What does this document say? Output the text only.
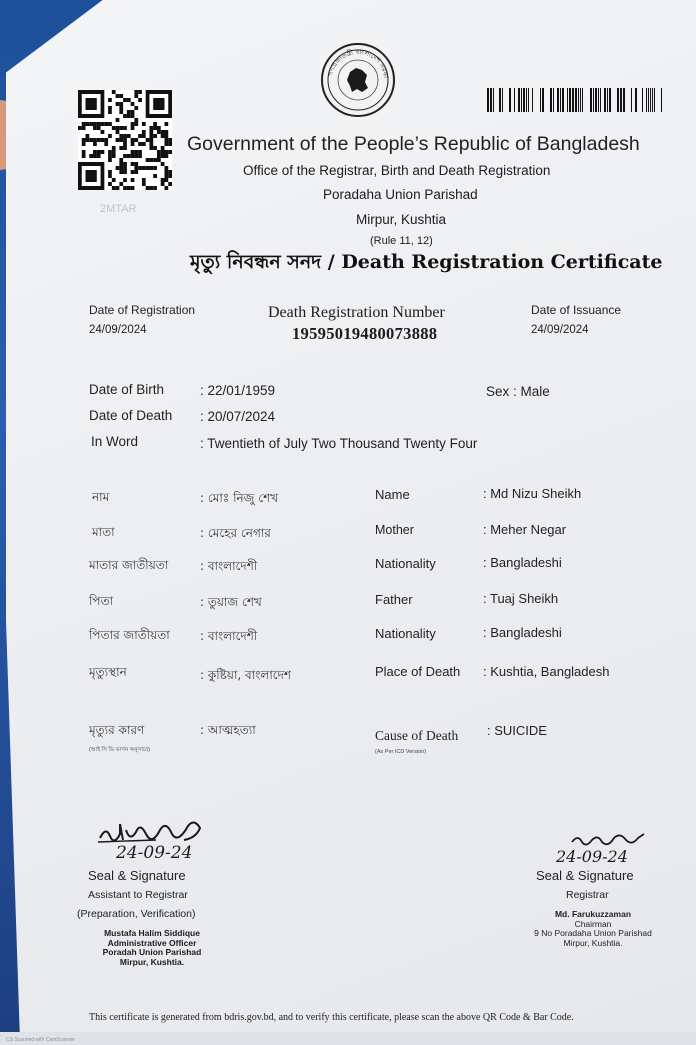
2MTAR
গণপ্রজাতন্ত্রী বাংলাদেশ সরকা
Government of the People’s Republic of Bangladesh
Office of the Registrar, Birth and Death Registration
Poradaha Union Parishad
Mirpur, Kushtia
(Rule 11, 12)
মৃত্যু নিবন্ধন সনদ / Death Registration Certificate
Date of Registration
24/09/2024
Death Registration Number
19595019480073888
Date of Issuance
24/09/2024
Date of Birth	: 22/01/1959	Sex : Male
Date of Death : 20/07/2024
In Word	: Twentieth of July Two Thousand Twenty Four
নাম	: মোঃ নিজু শেখ	Name	: Md Nizu Sheikh
মাতা	: মেহের নেগার	Mother	: Meher Negar
মাতার জাতীয়তা	: বাংলাদেশী	Nationality	: Bangladeshi
পিতা	: তুয়াজ শেখ	Father	: Tuaj Sheikh
পিতার জাতীয়তা	: বাংলাদেশী	Nationality	: Bangladeshi
মৃত্যুস্থান	: কুষ্টিয়া, বাংলাদেশ	Place of Death : Kushtia, Bangladesh
মৃত্যুর কারণ	: আত্মহত্যা	Cause of Death : SUICIDE
(আই সি ডি ভার্সন অনুসারে)	(As Per ICD Version)
24-09-24
Seal & Signature
Assistant to Registrar
(Preparation, Verification)
Mustafa Halim Siddique
Administrative Officer
Poradah Union Parishad
Mirpur, Kushtia.
24-09-24
Seal & Signature
Registrar
Md. Farukuzzaman
Chairman
9 No Poradaha Union Parishad
Mirpur, Kushtia.
This certificate is generated from bdris.gov.bd, and to verify this certificate, please scan the above QR Code & Bar Code.
CS Scanned with CamScanner
